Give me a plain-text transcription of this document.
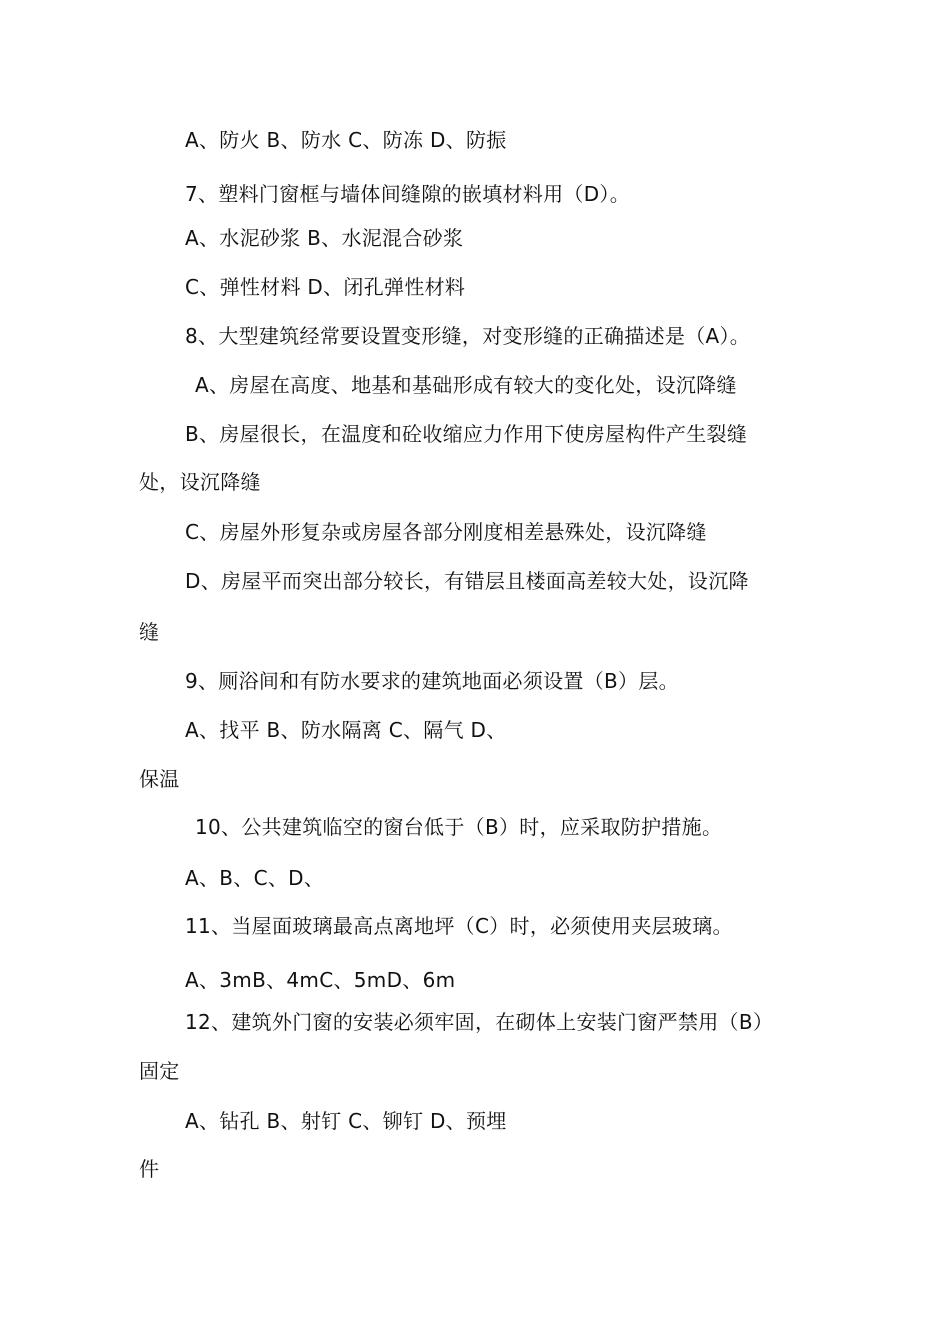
A、防火 B、防水 C、防冻 D、防振
7、塑料门窗框与墙体间缝隙的嵌填材料用（D）。
A、水泥砂浆 B、水泥混合砂浆
C、弹性材料 D、闭孔弹性材料
8、大型建筑经常要设置变形缝，对变形缝的正确描述是（A）。
A、房屋在高度、地基和基础形成有较大的变化处，设沉降缝
B、房屋很长，在温度和砼收缩应力作用下使房屋构件产生裂缝
处，设沉降缝
C、房屋外形复杂或房屋各部分刚度相差悬殊处，设沉降缝
D、房屋平而突出部分较长，有错层且楼面高差较大处，设沉降
缝
9、厕浴间和有防水要求的建筑地面必须设置（B）层。
A、找平 B、防水隔离 C、隔气 D、
保温
10、公共建筑临空的窗台低于（B）时，应采取防护措施。
A、B、C、D、
11、当屋面玻璃最高点离地坪（C）时，必须使用夹层玻璃。
A、3mB、4mC、5mD、6m
12、建筑外门窗的安装必须牢固，在砌体上安装门窗严禁用（B）
固定
A、钻孔 B、射钉 C、铆钉 D、预埋
件
